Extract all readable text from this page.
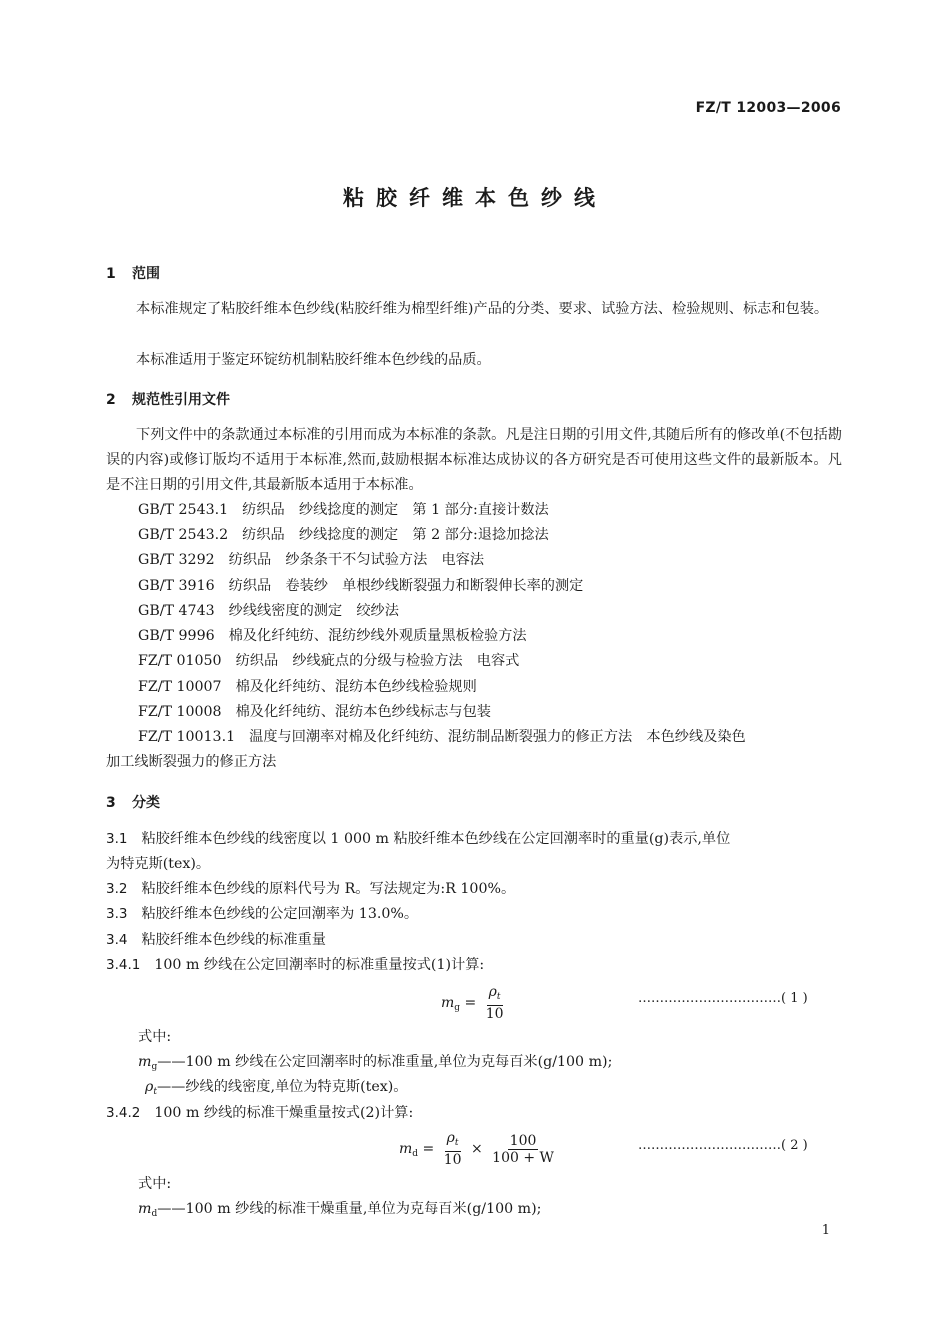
FZ/T 12003—2006
粘胶纤维本色纱线
1 范围
本标准规定了粘胶纤维本色纱线(粘胶纤维为棉型纤维)产品的分类、要求、试验方法、检验规则、标志和包装。
本标准适用于鉴定环锭纺机制粘胶纤维本色纱线的品质。
2 规范性引用文件
下列文件中的条款通过本标准的引用而成为本标准的条款。凡是注日期的引用文件,其随后所有的修改单(不包括勘误的内容)或修订版均不适用于本标准,然而,鼓励根据本标准达成协议的各方研究是否可使用这些文件的最新版本。凡是不注日期的引用文件,其最新版本适用于本标准。
GB/T 2543.1 纺织品　纱线捻度的测定　第 1 部分:直接计数法
GB/T 2543.2 纺织品　纱线捻度的测定　第 2 部分:退捻加捻法
GB/T 3292 纺织品　纱条条干不匀试验方法　电容法
GB/T 3916 纺织品　卷装纱　单根纱线断裂强力和断裂伸长率的测定
GB/T 4743 纱线线密度的测定　绞纱法
GB/T 9996 棉及化纤纯纺、混纺纱线外观质量黑板检验方法
FZ/T 01050 纺织品　纱线疵点的分级与检验方法　电容式
FZ/T 10007 棉及化纤纯纺、混纺本色纱线检验规则
FZ/T 10008 棉及化纤纯纺、混纺本色纱线标志与包装
FZ/T 10013.1 温度与回潮率对棉及化纤纯纺、混纺制品断裂强力的修正方法　本色纱线及染色
加工线断裂强力的修正方法
3 分类
3.1 粘胶纤维本色纱线的线密度以 1 000 m 粘胶纤维本色纱线在公定回潮率时的重量(g)表示,单位
为特克斯(tex)。
3.2 粘胶纤维本色纱线的原料代号为 R。写法规定为:R 100%。
3.3 粘胶纤维本色纱线的公定回潮率为 13.0%。
3.4 粘胶纤维本色纱线的标准重量
3.4.1 100 m 纱线在公定回潮率时的标准重量按式(1)计算:
$m_g = \frac{\rho_t}{10}$	……………………………( 1 )
式中:
$m_g——100$ m 纱线在公定回潮率时的标准重量,单位为克每百米(g/100 m);
$\rho_t——$纱线的线密度,单位为特克斯(tex)。
3.4.2 100 m 纱线的标准干燥重量按式(2)计算:
$m_d = \frac{\rho_t}{10} \times \frac{100}{100 + W}$	……………………………( 2 )
式中:
$m_d——100$ m 纱线的标准干燥重量,单位为克每百米(g/100 m);
1
